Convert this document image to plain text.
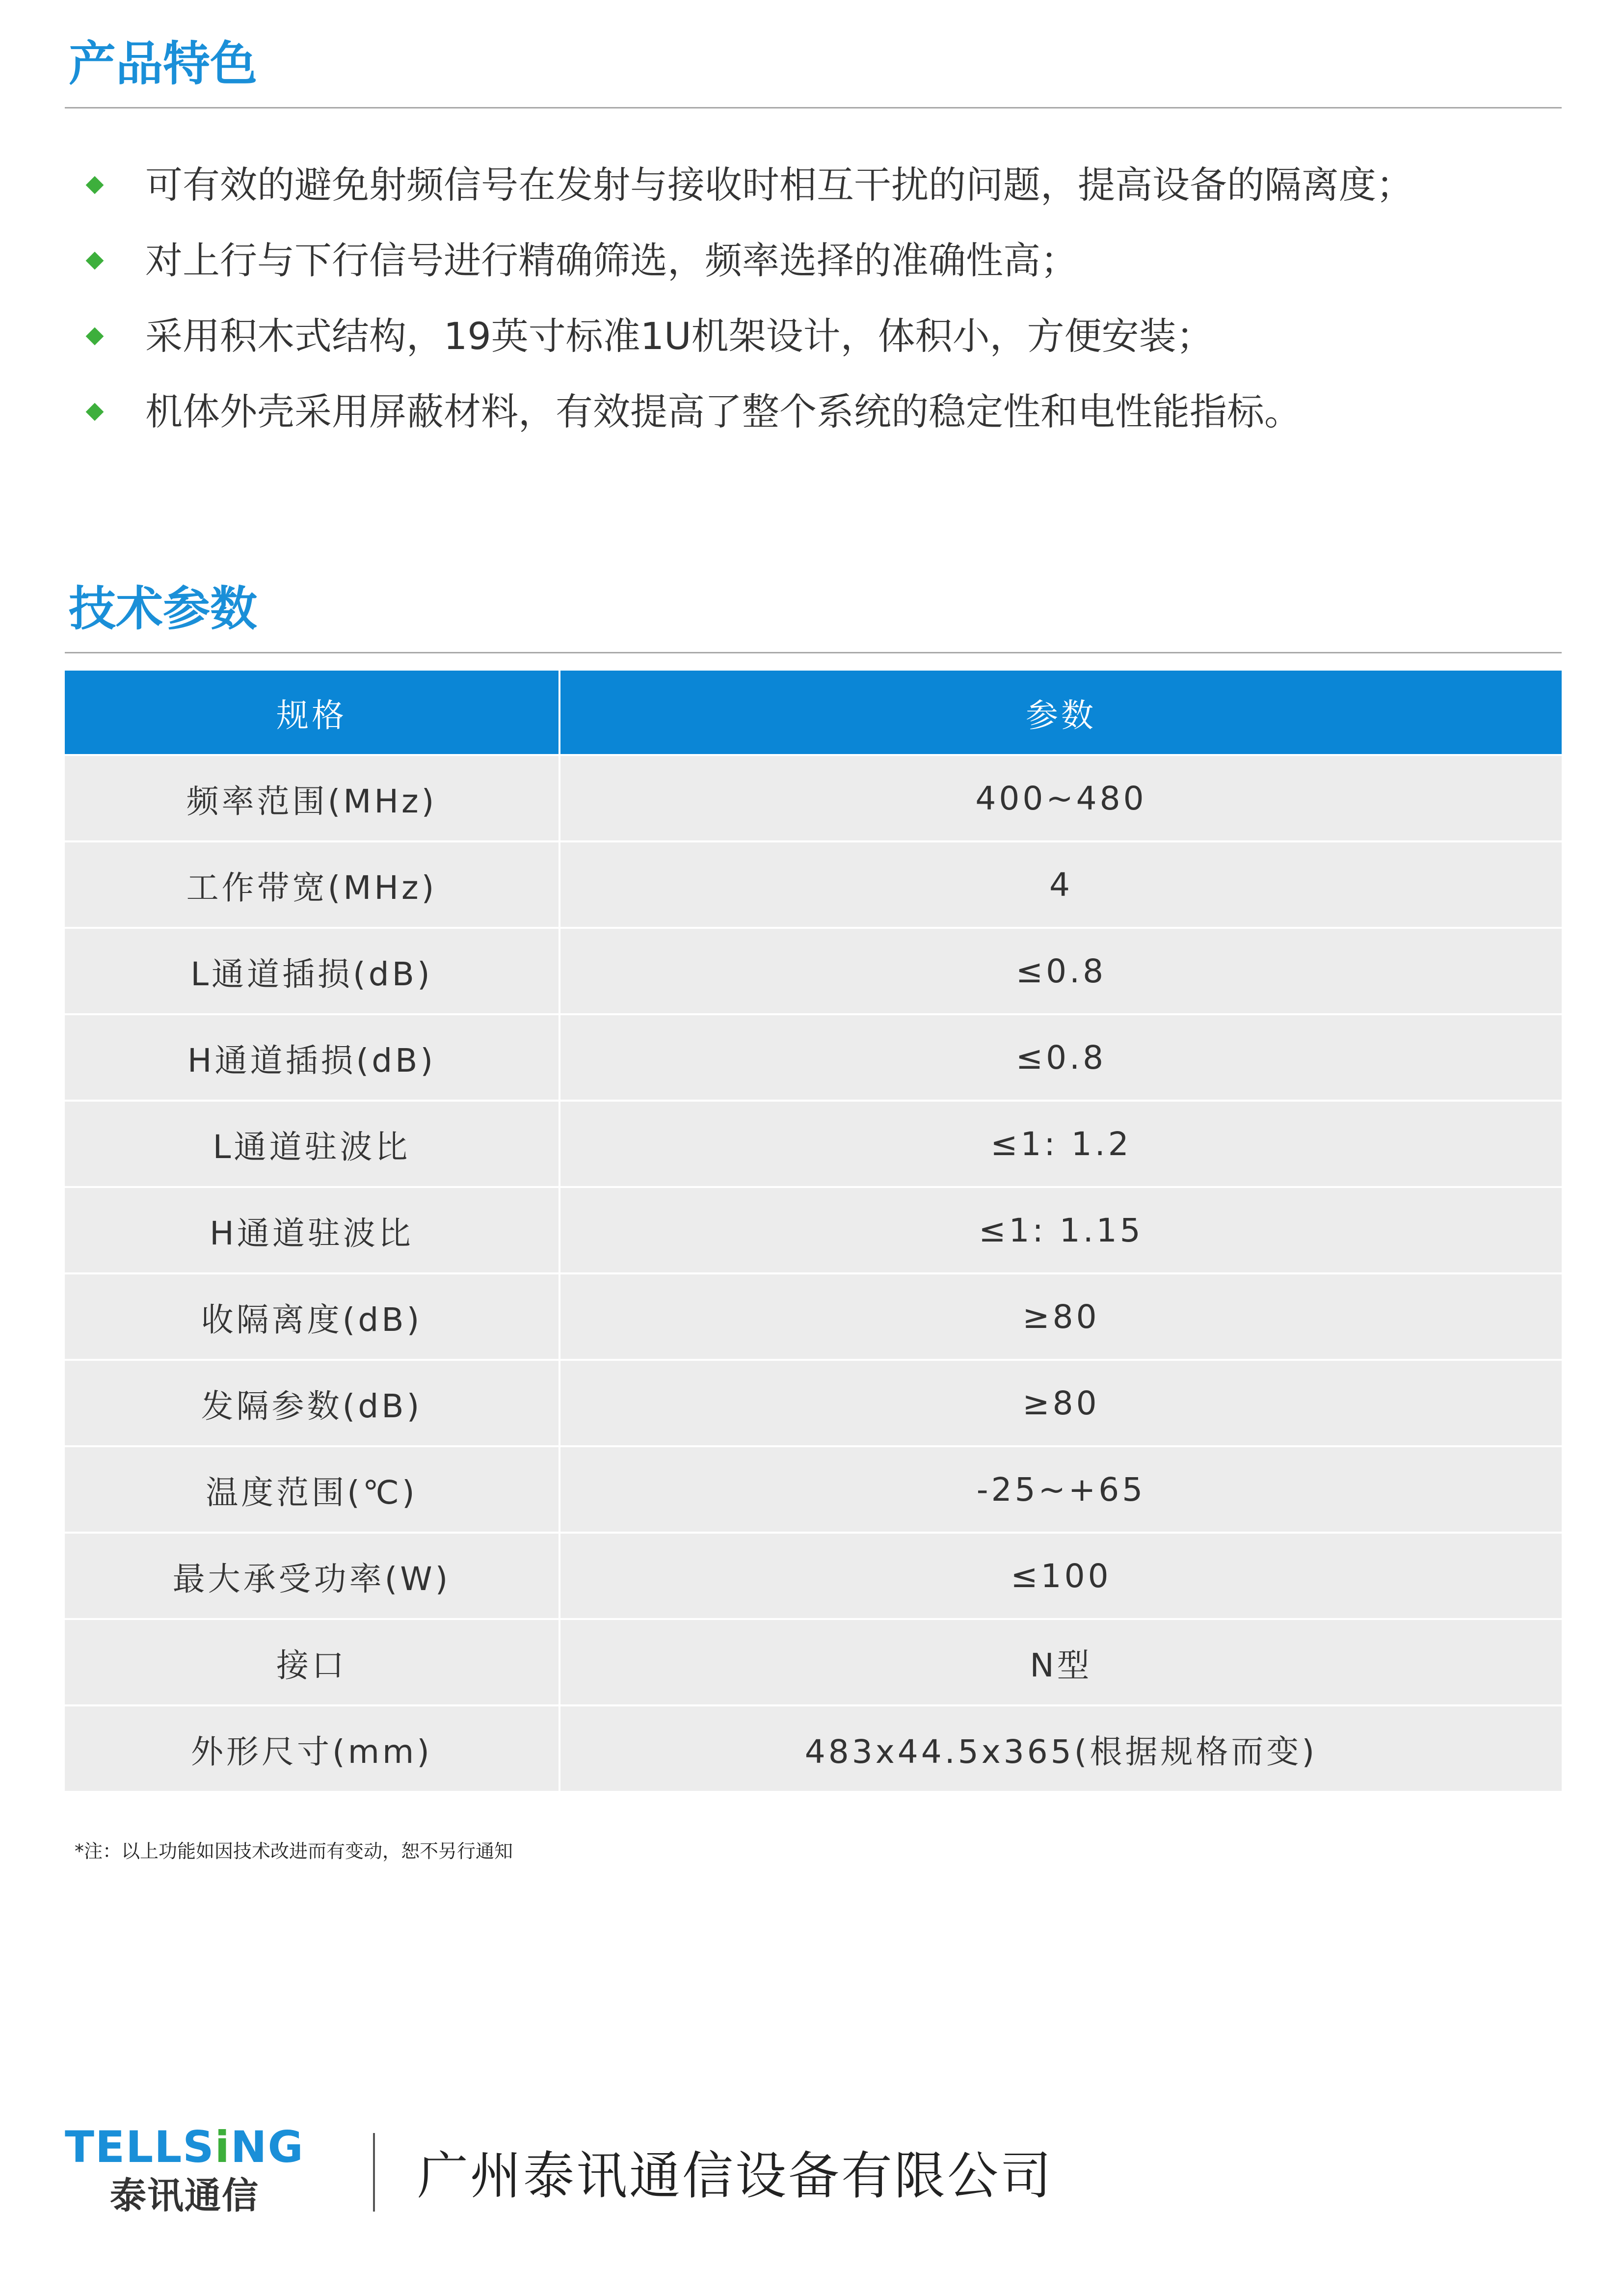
产品特色
可有效的避免射频信号在发射与接收时相互干扰的问题，提高设备的隔离度；
对上行与下行信号进行精确筛选，频率选择的准确性高；
采用积木式结构，19英寸标准1U机架设计，体积小，方便安装；
机体外壳采用屏蔽材料，有效提高了整个系统的稳定性和电性能指标。
技术参数
规格	参数
频率范围(MHz)	400~480
工作带宽(MHz)	4
L通道插损(dB)	≤0.8
H通道插损(dB)	≤0.8
L通道驻波比	≤1: 1.2
H通道驻波比	≤1: 1.15
收隔离度(dB)	≥80
发隔参数(dB)	≥80
温度范围(℃)	-25~+65
最大承受功率(W)	≤100
接口	N型
外形尺寸(mm)	483x44.5x365(根据规格而变)
*注：以上功能如因技术改进而有变动，恕不另行通知
TELLSiNG
泰讯通信	广州泰讯通信设备有限公司
